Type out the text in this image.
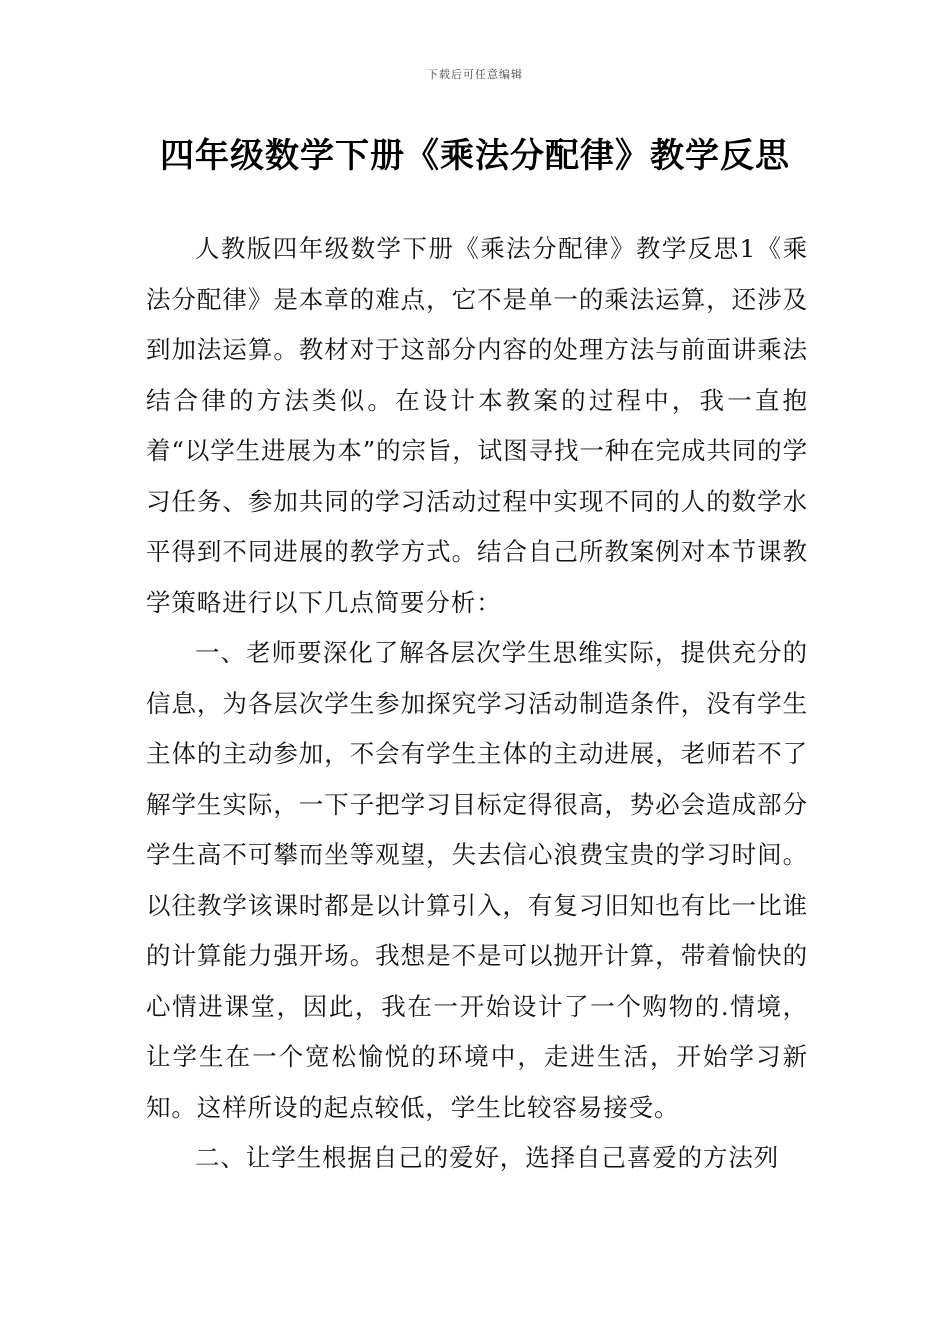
下载后可任意编辑
四年级数学下册《乘法分配律》教学反思

人教版四年级数学下册《乘法分配律》教学反思1《乘法分配律》是本章的难点，它不是单一的乘法运算，还涉及到加法运算。教材对于这部分内容的处理方法与前面讲乘法结合律的方法类似。在设计本教案的过程中，我一直抱着“以学生进展为本”的宗旨，试图寻找一种在完成共同的学习任务、参加共同的学习活动过程中实现不同的人的数学水平得到不同进展的教学方式。结合自己所教案例对本节课教学策略进行以下几点简要分析：

一、老师要深化了解各层次学生思维实际，提供充分的信息，为各层次学生参加探究学习活动制造条件，没有学生主体的主动参加，不会有学生主体的主动进展，老师若不了解学生实际，一下子把学习目标定得很高，势必会造成部分学生高不可攀而坐等观望，失去信心浪费宝贵的学习时间。以往教学该课时都是以计算引入，有复习旧知也有比一比谁的计算能力强开场。我想是不是可以抛开计算，带着愉快的心情进课堂，因此，我在一开始设计了一个购物的.情境，让学生在一个宽松愉悦的环境中，走进生活，开始学习新知。这样所设的起点较低，学生比较容易接受。

二、让学生根据自己的爱好，选择自己喜爱的方法列
